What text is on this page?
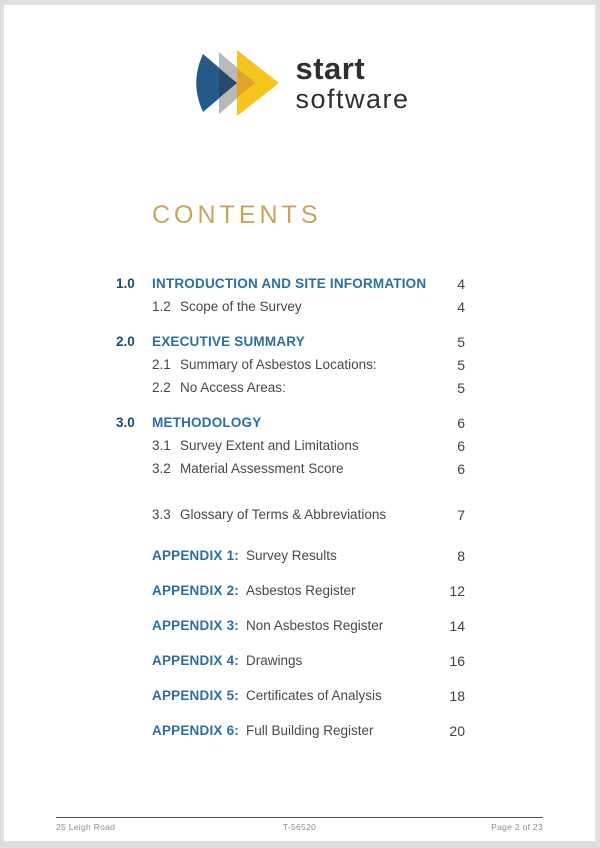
start
software
CONTENTS
1.0	INTRODUCTION AND SITE INFORMATION	4
1.2 Scope of the Survey	4
2.0	EXECUTIVE SUMMARY	5
2.1 Summary of Asbestos Locations:	5
2.2 No Access Areas:	5
3.0	METHODOLOGY	6
3.1 Survey Extent and Limitations	6
3.2 Material Assessment Score	6
3.3 Glossary of Terms & Abbreviations	7
APPENDIX 1: Survey Results	8
APPENDIX 2: Asbestos Register	12
APPENDIX 3: Non Asbestos Register	14
APPENDIX 4: Drawings	16
APPENDIX 5: Certificates of Analysis	18
APPENDIX 6: Full Building Register	20
25 Leigh Road	T-56520	Page 2 of 23
